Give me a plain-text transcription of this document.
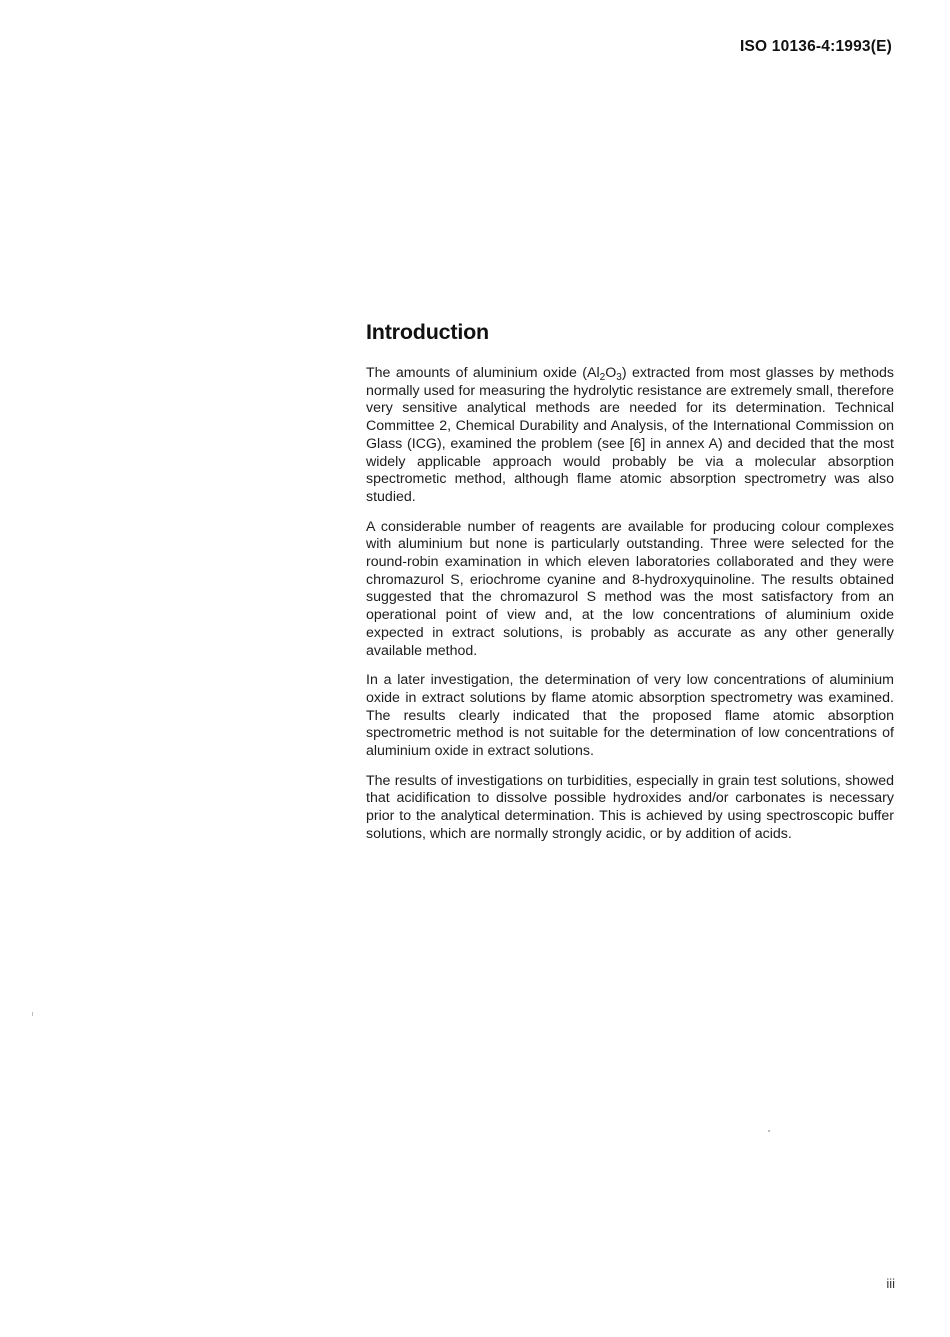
ISO 10136-4:1993(E)
Introduction

The amounts of aluminium oxide $(Al_2O_3)$ extracted from most glasses by methods normally used for measuring the hydrolytic resistance are extremely small, therefore very sensitive analytical methods are needed for its determination. Technical Committee 2, Chemical Durability and Analysis, of the International Commission on Glass (ICG), examined the problem (see [6] in annex A) and decided that the most widely applicable approach would probably be via a molecular absorption spectrometic method, although flame atomic absorption spectrometry was also studied.

A considerable number of reagents are available for producing colour complexes with aluminium but none is particularly outstanding. Three were selected for the round-robin examination in which eleven laboratories collaborated and they were chromazurol S, eriochrome cyanine and 8-hydroxyquinoline. The results obtained suggested that the chromazurol S method was the most satisfactory from an operational point of view and, at the low concentrations of aluminium oxide expected in extract solutions, is probably as accurate as any other generally available method.

In a later investigation, the determination of very low concentrations of aluminium oxide in extract solutions by flame atomic absorption spectrometry was examined. The results clearly indicated that the proposed flame atomic absorption spectrometric method is not suitable for the determination of low concentrations of aluminium oxide in extract solutions.

The results of investigations on turbidities, especially in grain test solutions, showed that acidification to dissolve possible hydroxides and/or carbonates is necessary prior to the analytical determination. This is achieved by using spectroscopic buffer solutions, which are normally strongly acidic, or by addition of acids.

iii
